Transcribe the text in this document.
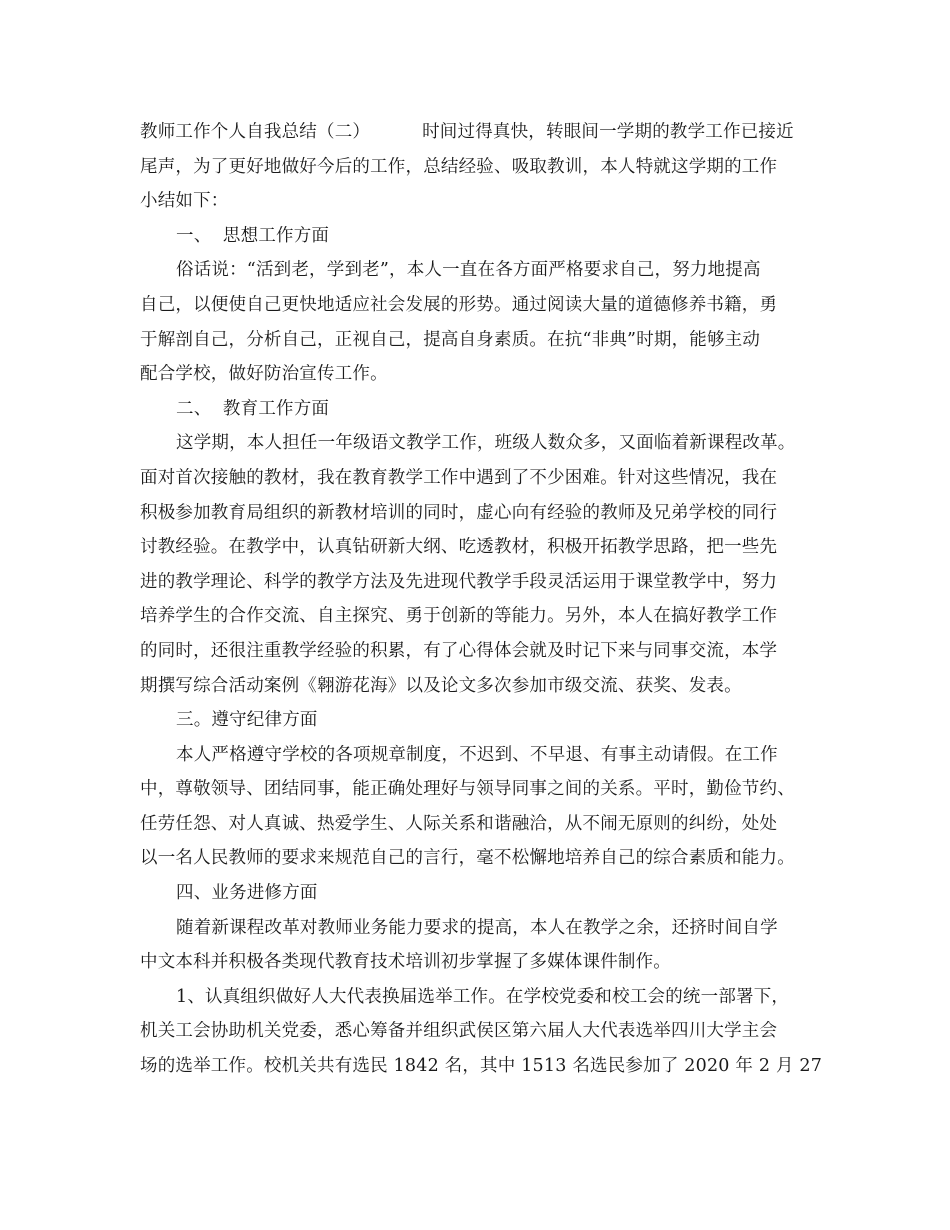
教师工作个人自我总结（二）	时间过得真快，转眼间一学期的教学工作已接近
尾声，为了更好地做好今后的工作，总结经验、吸取教训，本人特就这学期的工作
小结如下：
一、  思想工作方面
俗话说：“活到老，学到老”，本人一直在各方面严格要求自己，努力地提高
自己，以便使自己更快地适应社会发展的形势。通过阅读大量的道德修养书籍，勇
于解剖自己，分析自己，正视自己，提高自身素质。在抗“非典”时期，能够主动
配合学校，做好防治宣传工作。
二、  教育工作方面
这学期，本人担任一年级语文教学工作，班级人数众多，又面临着新课程改革。
面对首次接触的教材，我在教育教学工作中遇到了不少困难。针对这些情况，我在
积极参加教育局组织的新教材培训的同时，虚心向有经验的教师及兄弟学校的同行
讨教经验。在教学中，认真钻研新大纲、吃透教材，积极开拓教学思路，把一些先
进的教学理论、科学的教学方法及先进现代教学手段灵活运用于课堂教学中，努力
培养学生的合作交流、自主探究、勇于创新的等能力。另外，本人在搞好教学工作
的同时，还很注重教学经验的积累，有了心得体会就及时记下来与同事交流，本学
期撰写综合活动案例《翱游花海》以及论文多次参加市级交流、获奖、发表。
三。遵守纪律方面
本人严格遵守学校的各项规章制度，不迟到、不早退、有事主动请假。在工作
中，尊敬领导、团结同事，能正确处理好与领导同事之间的关系。平时，勤俭节约、
任劳任怨、对人真诚、热爱学生、人际关系和谐融洽，从不闹无原则的纠纷，处处
以一名人民教师的要求来规范自己的言行，毫不松懈地培养自己的综合素质和能力。
四、业务进修方面
随着新课程改革对教师业务能力要求的提高，本人在教学之余，还挤时间自学
中文本科并积极各类现代教育技术培训初步掌握了多媒体课件制作。
1、认真组织做好人大代表换届选举工作。在学校党委和校工会的统一部署下，
机关工会协助机关党委，悉心筹备并组织武侯区第六届人大代表选举四川大学主会
场的选举工作。校机关共有选民 1842 名，其中 1513 名选民参加了 2020 年 2 月 27
